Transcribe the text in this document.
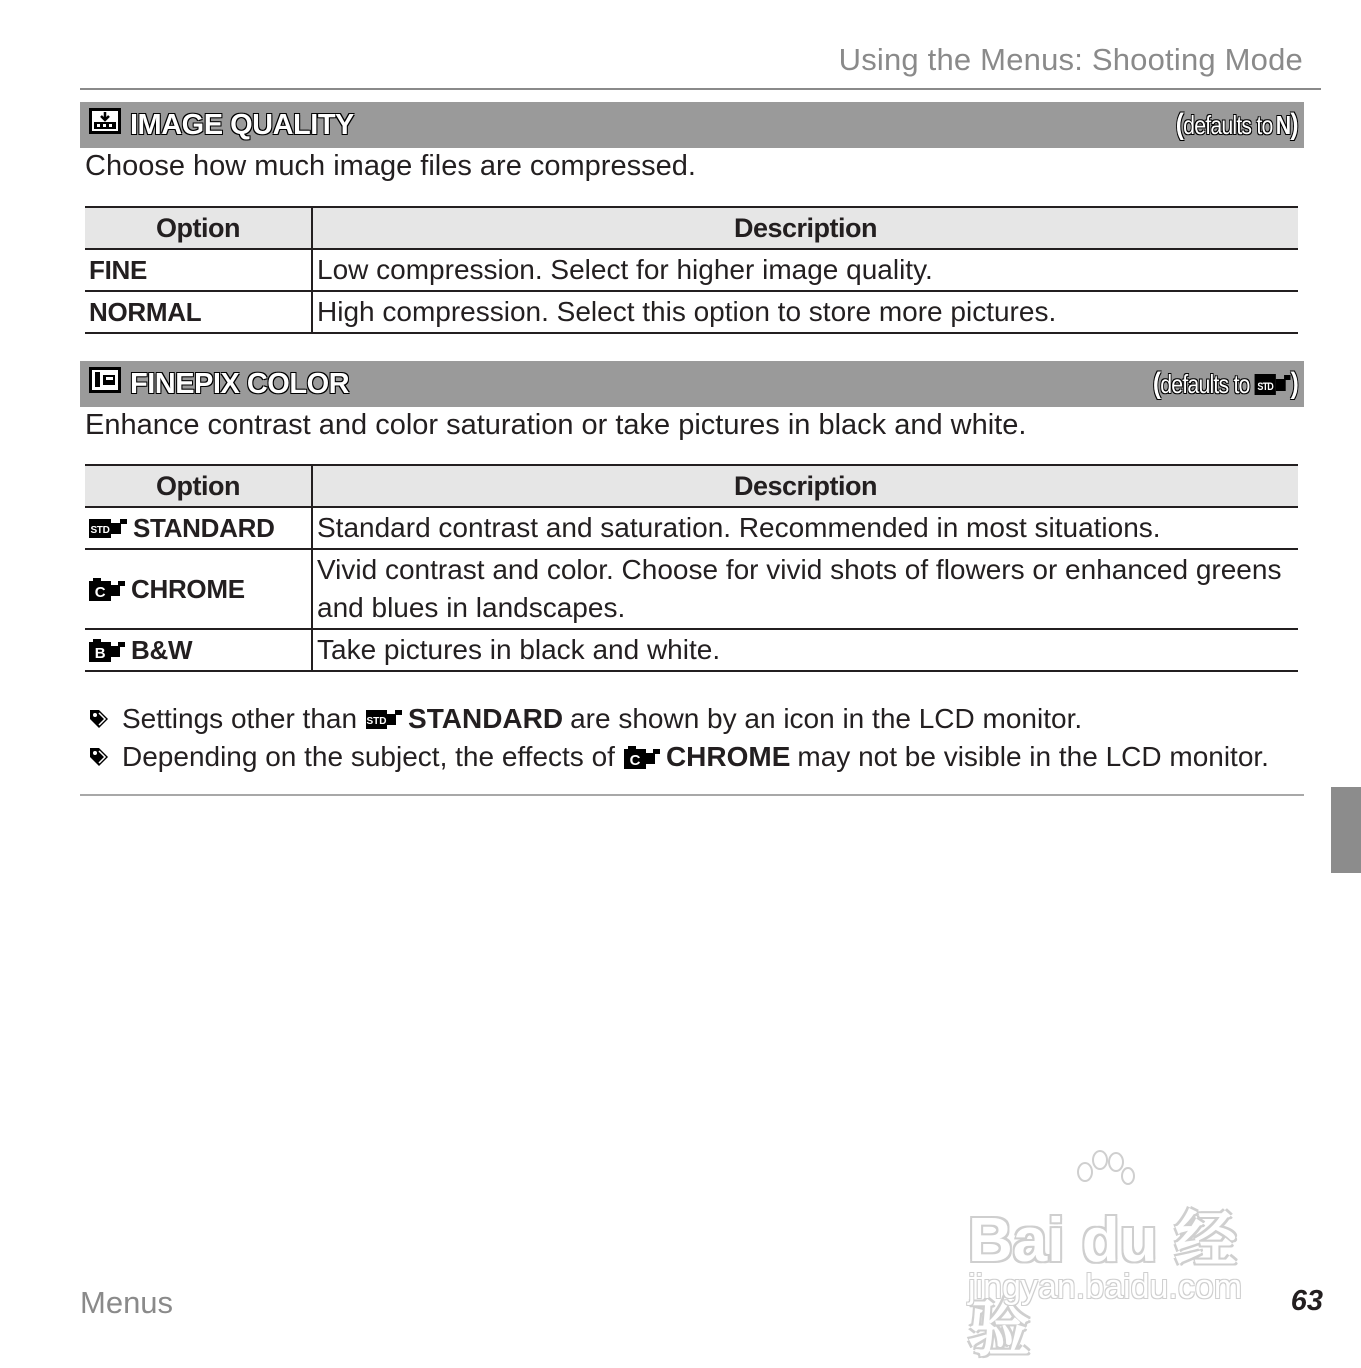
Using the Menus: Shooting Mode
IMAGE QUALITY	( defaults to N )
Choose how much image files are compressed.
Option	Description
FINE	Low compression. Select for higher image quality.
NORMAL	High compression. Select this option to store more pictures.
FINEPIX COLOR	( defaults to STD )
Enhance contrast and color saturation or take pictures in black and white.
Option	Description

STD STANDARD	Standard contrast and saturation. Recommended in most situations.

C CHROME	Vivid contrast and color. Choose for vivid shots of flowers or enhanced greens and blues in landscapes.

B B&W	Take pictures in black and white.
Settings other than STD STANDARD are shown by an icon in the LCD monitor.
Depending on the subject, the effects of C CHROME may not be visible in the LCD monitor.
Bai du 经验
jingyan.baidu.com
Menus	63
